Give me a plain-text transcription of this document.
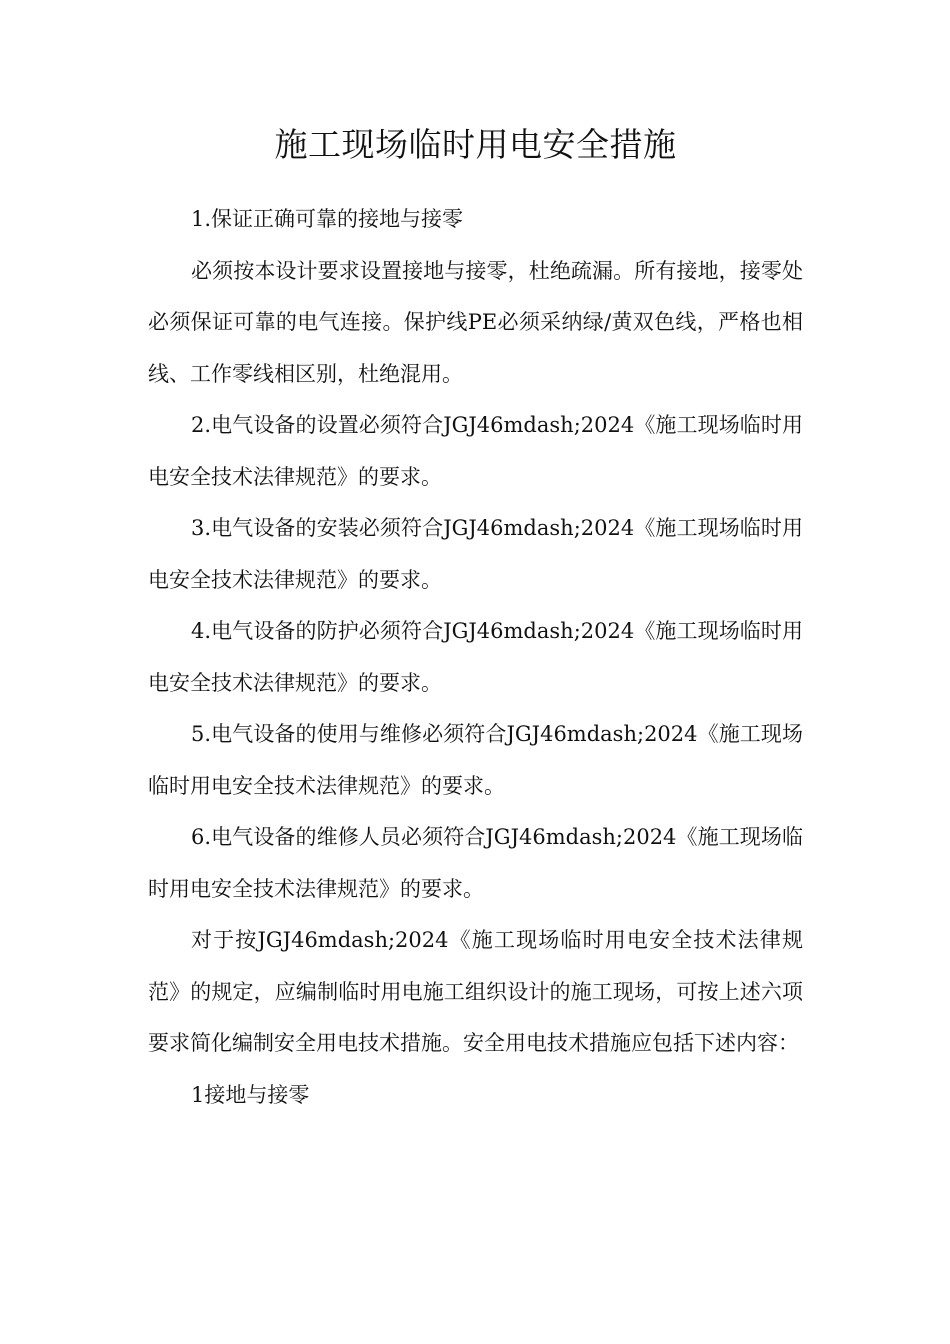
施工现场临时用电安全措施

1.保证正确可靠的接地与接零

必须按本设计要求设置接地与接零，杜绝疏漏。所有接地，接零处必须保证可靠的电气连接。保护线PE必须采纳绿/黄双色线，严格也相线、工作零线相区别，杜绝混用。

2.电气设备的设置必须符合JGJ46mdash;2024《施工现场临时用电安全技术法律规范》的要求。

3.电气设备的安装必须符合JGJ46mdash;2024《施工现场临时用电安全技术法律规范》的要求。

4.电气设备的防护必须符合JGJ46mdash;2024《施工现场临时用电安全技术法律规范》的要求。

5.电气设备的使用与维修必须符合JGJ46mdash;2024《施工现场临时用电安全技术法律规范》的要求。

6.电气设备的维修人员必须符合JGJ46mdash;2024《施工现场临时用电安全技术法律规范》的要求。

对于按JGJ46mdash;2024《施工现场临时用电安全技术法律规范》的规定，应编制临时用电施工组织设计的施工现场，可按上述六项要求简化编制安全用电技术措施。安全用电技术措施应包括下述内容：

1接地与接零
